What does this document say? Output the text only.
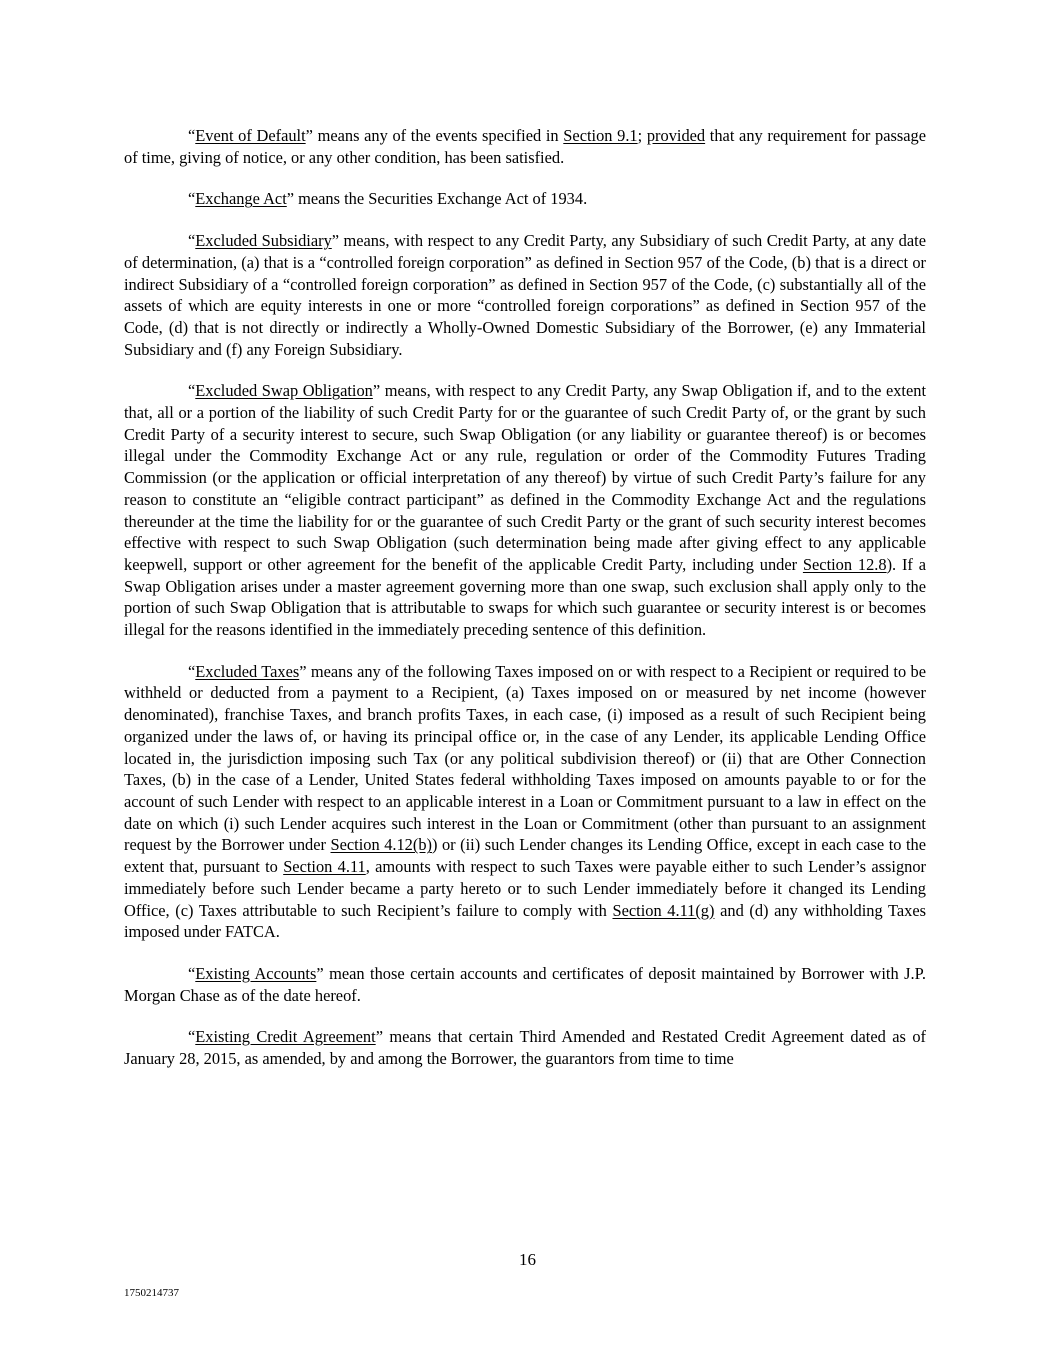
“Event of Default” means any of the events specified in Section 9.1; provided that any requirement for passage of time, giving of notice, or any other condition, has been satisfied.

“Exchange Act” means the Securities Exchange Act of 1934.

“Excluded Subsidiary” means, with respect to any Credit Party, any Subsidiary of such Credit Party, at any date of determination, (a) that is a “controlled foreign corporation” as defined in Section 957 of the Code, (b) that is a direct or indirect Subsidiary of a “controlled foreign corporation” as defined in Section 957 of the Code, (c) substantially all of the assets of which are equity interests in one or more “controlled foreign corporations” as defined in Section 957 of the Code, (d) that is not directly or indirectly a Wholly-Owned Domestic Subsidiary of the Borrower, (e) any Immaterial Subsidiary and (f) any Foreign Subsidiary.

“Excluded Swap Obligation” means, with respect to any Credit Party, any Swap Obligation if, and to the extent that, all or a portion of the liability of such Credit Party for or the guarantee of such Credit Party of, or the grant by such Credit Party of a security interest to secure, such Swap Obligation (or any liability or guarantee thereof) is or becomes illegal under the Commodity Exchange Act or any rule, regulation or order of the Commodity Futures Trading Commission (or the application or official interpretation of any thereof) by virtue of such Credit Party’s failure for any reason to constitute an “eligible contract participant” as defined in the Commodity Exchange Act and the regulations thereunder at the time the liability for or the guarantee of such Credit Party or the grant of such security interest becomes effective with respect to such Swap Obligation (such determination being made after giving effect to any applicable keepwell, support or other agreement for the benefit of the applicable Credit Party, including under Section 12.8). If a Swap Obligation arises under a master agreement governing more than one swap, such exclusion shall apply only to the portion of such Swap Obligation that is attributable to swaps for which such guarantee or security interest is or becomes illegal for the reasons identified in the immediately preceding sentence of this definition.

“Excluded Taxes” means any of the following Taxes imposed on or with respect to a Recipient or required to be withheld or deducted from a payment to a Recipient, (a) Taxes imposed on or measured by net income (however denominated), franchise Taxes, and branch profits Taxes, in each case, (i) imposed as a result of such Recipient being organized under the laws of, or having its principal office or, in the case of any Lender, its applicable Lending Office located in, the jurisdiction imposing such Tax (or any political subdivision thereof) or (ii) that are Other Connection Taxes, (b) in the case of a Lender, United States federal withholding Taxes imposed on amounts payable to or for the account of such Lender with respect to an applicable interest in a Loan or Commitment pursuant to a law in effect on the date on which (i) such Lender acquires such interest in the Loan or Commitment (other than pursuant to an assignment request by the Borrower under Section 4.12(b)) or (ii) such Lender changes its Lending Office, except in each case to the extent that, pursuant to Section 4.11, amounts with respect to such Taxes were payable either to such Lender’s assignor immediately before such Lender became a party hereto or to such Lender immediately before it changed its Lending Office, (c) Taxes attributable to such Recipient’s failure to comply with Section 4.11(g) and (d) any withholding Taxes imposed under FATCA.

“Existing Accounts” mean those certain accounts and certificates of deposit maintained by Borrower with J.P. Morgan Chase as of the date hereof.

“Existing Credit Agreement” means that certain Third Amended and Restated Credit Agreement dated as of January 28, 2015, as amended, by and among the Borrower, the guarantors from time to time

16
1750214737
